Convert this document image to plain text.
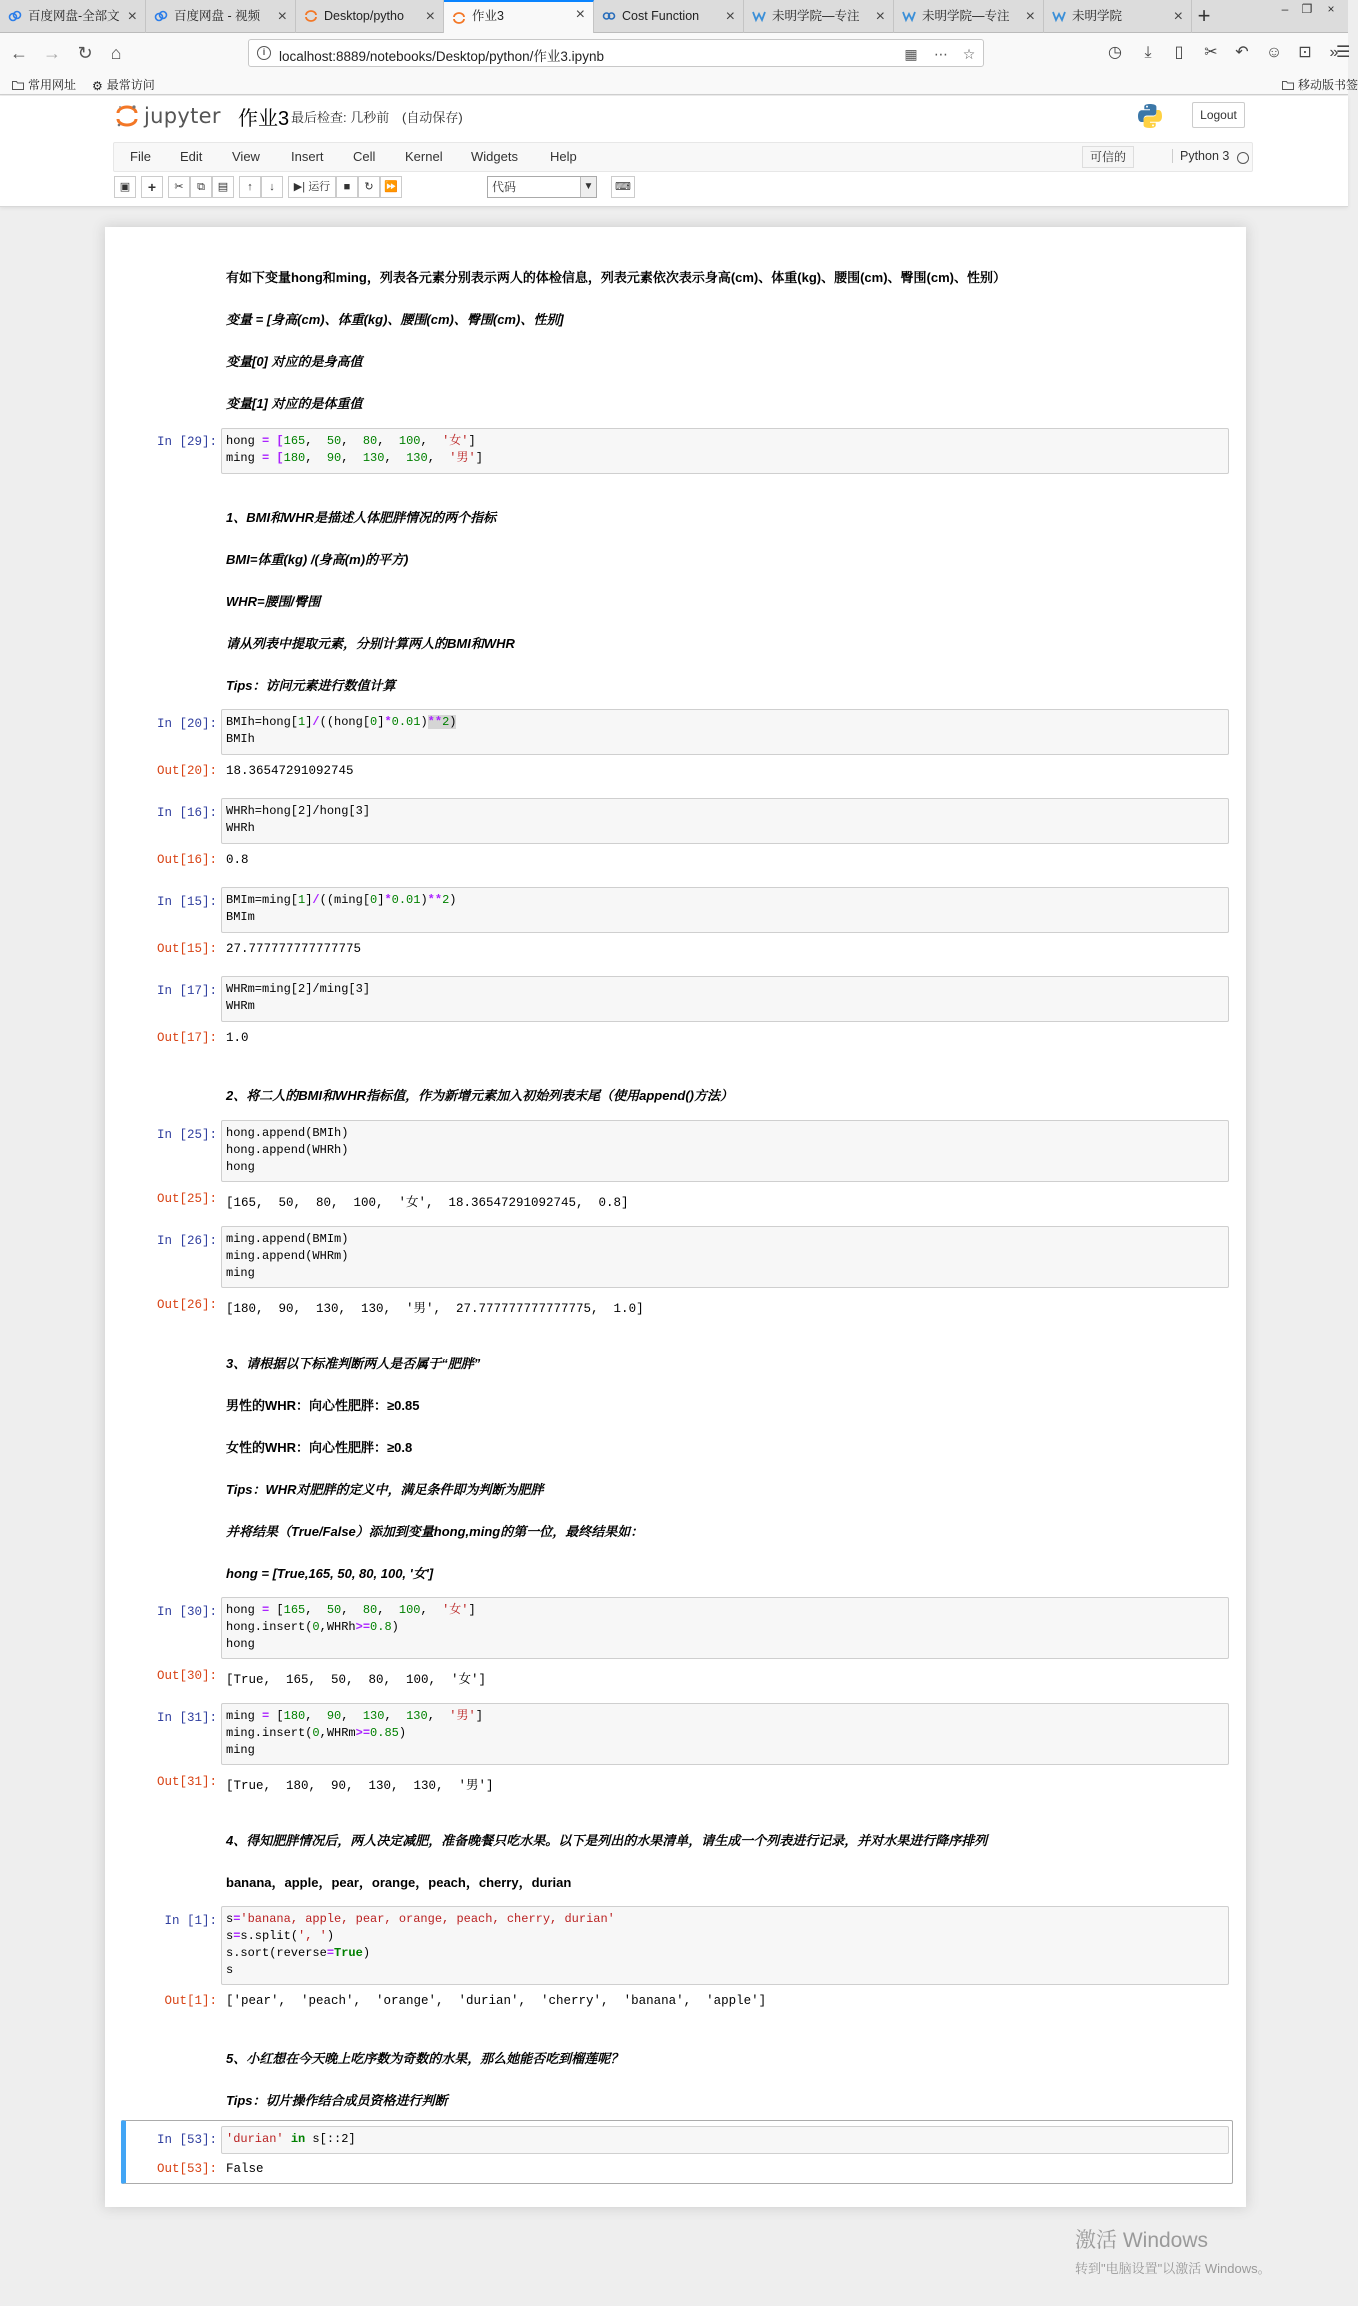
百度网盘-全部文 ×	百度网盘 - 视频 ×	Desktop/pytho ×	作业3	×	Cost Function ×	未明学院—专注 ×	未明学院—专注 ×	未明学院	× +	–	❐	×
← → ↻	⌂	i	localhost:8889/notebooks/Desktop/python/作业3.ipynb	▦ ⋯ ☆	◷	⤓	▯	✂	↶	☺	⊡	»
☰
常用网址 ⚙ 最常访问	移动版书签
jupyter 作业3 最后检查: 几秒前 (自动保存)	Logout
File Edit View Insert Cell Kernel Widgets Help	可信的	Python 3
▣	+	✂	⧉	▤	↑	↓	▶| 运行	■	↻ ⏩	代码	▼	⌨
有如下变量hong和ming，列表各元素分别表示两人的体检信息，列表元素依次表示身高(cm)、体重(kg)、腰围(cm)、臀围(cm)、性别）
变量 = [身高(cm)、体重(kg)、腰围(cm)、臀围(cm)、性别]
变量[0] 对应的是身高值
变量[1] 对应的是体重值
In [29]: hong = [165,  50,  80,  100,  '女']
ming = [180,  90,  130,  130,  '男']
1、BMI和WHR是描述人体肥胖情况的两个指标
BMI=体重(kg) /(身高(m)的平方)
WHR=腰围/臀围
请从列表中提取元素，分别计算两人的BMI和WHR
Tips：访问元素进行数值计算
In [20]: BMIh=hong[1]/((hong[0]*0.01)**2)
BMIh
Out[20]: 18.36547291092745
In [16]: WHRh=hong[2]/hong[3]
WHRh
Out[16]: 0.8
In [15]: BMIm=ming[1]/((ming[0]*0.01)**2)
BMIm
Out[15]: 27.777777777777775
In [17]: WHRm=ming[2]/ming[3]
WHRm
Out[17]: 1.0
2、将二人的BMI和WHR指标值，作为新增元素加入初始列表末尾（使用append()方法）
In [25]: hong.append(BMIh)
hong.append(WHRh)
hong
Out[25]: [165,  50,  80,  100,  '女',  18.36547291092745,  0.8]
In [26]: ming.append(BMIm)
ming.append(WHRm)
ming
Out[26]: [180,  90,  130,  130,  '男',  27.777777777777775,  1.0]
3、请根据以下标准判断两人是否属于“肥胖”
男性的WHR：向心性肥胖：≥0.85
女性的WHR：向心性肥胖：≥0.8
Tips：WHR对肥胖的定义中，满足条件即为判断为肥胖
并将结果（True/False）添加到变量hong,ming的第一位，最终结果如：
hong = [True,165, 50, 80, 100, '女']
In [30]: hong = [165,  50,  80,  100,  '女']
hong.insert(0,WHRh>=0.8)
hong
Out[30]: [True,  165,  50,  80,  100,  '女']
In [31]: ming = [180,  90,  130,  130,  '男']
ming.insert(0,WHRm>=0.85)
ming
Out[31]: [True,  180,  90,  130,  130,  '男']
4、得知肥胖情况后，两人决定减肥，准备晚餐只吃水果。以下是列出的水果清单，请生成一个列表进行记录，并对水果进行降序排列
banana，apple，pear，orange，peach，cherry，durian
In [1]: s='banana, apple, pear, orange, peach, cherry, durian'
s=s.split(', ')
s.sort(reverse=True)
s
Out[1]: ['pear',  'peach',  'orange',  'durian',  'cherry',  'banana',  'apple']
5、小红想在今天晚上吃序数为奇数的水果，那么她能否吃到榴莲呢？
Tips：切片操作结合成员资格进行判断
In [53]: 'durian' in s[::2]
Out[53]: False
激活 Windows
转到"电脑设置"以激活 Windows。
